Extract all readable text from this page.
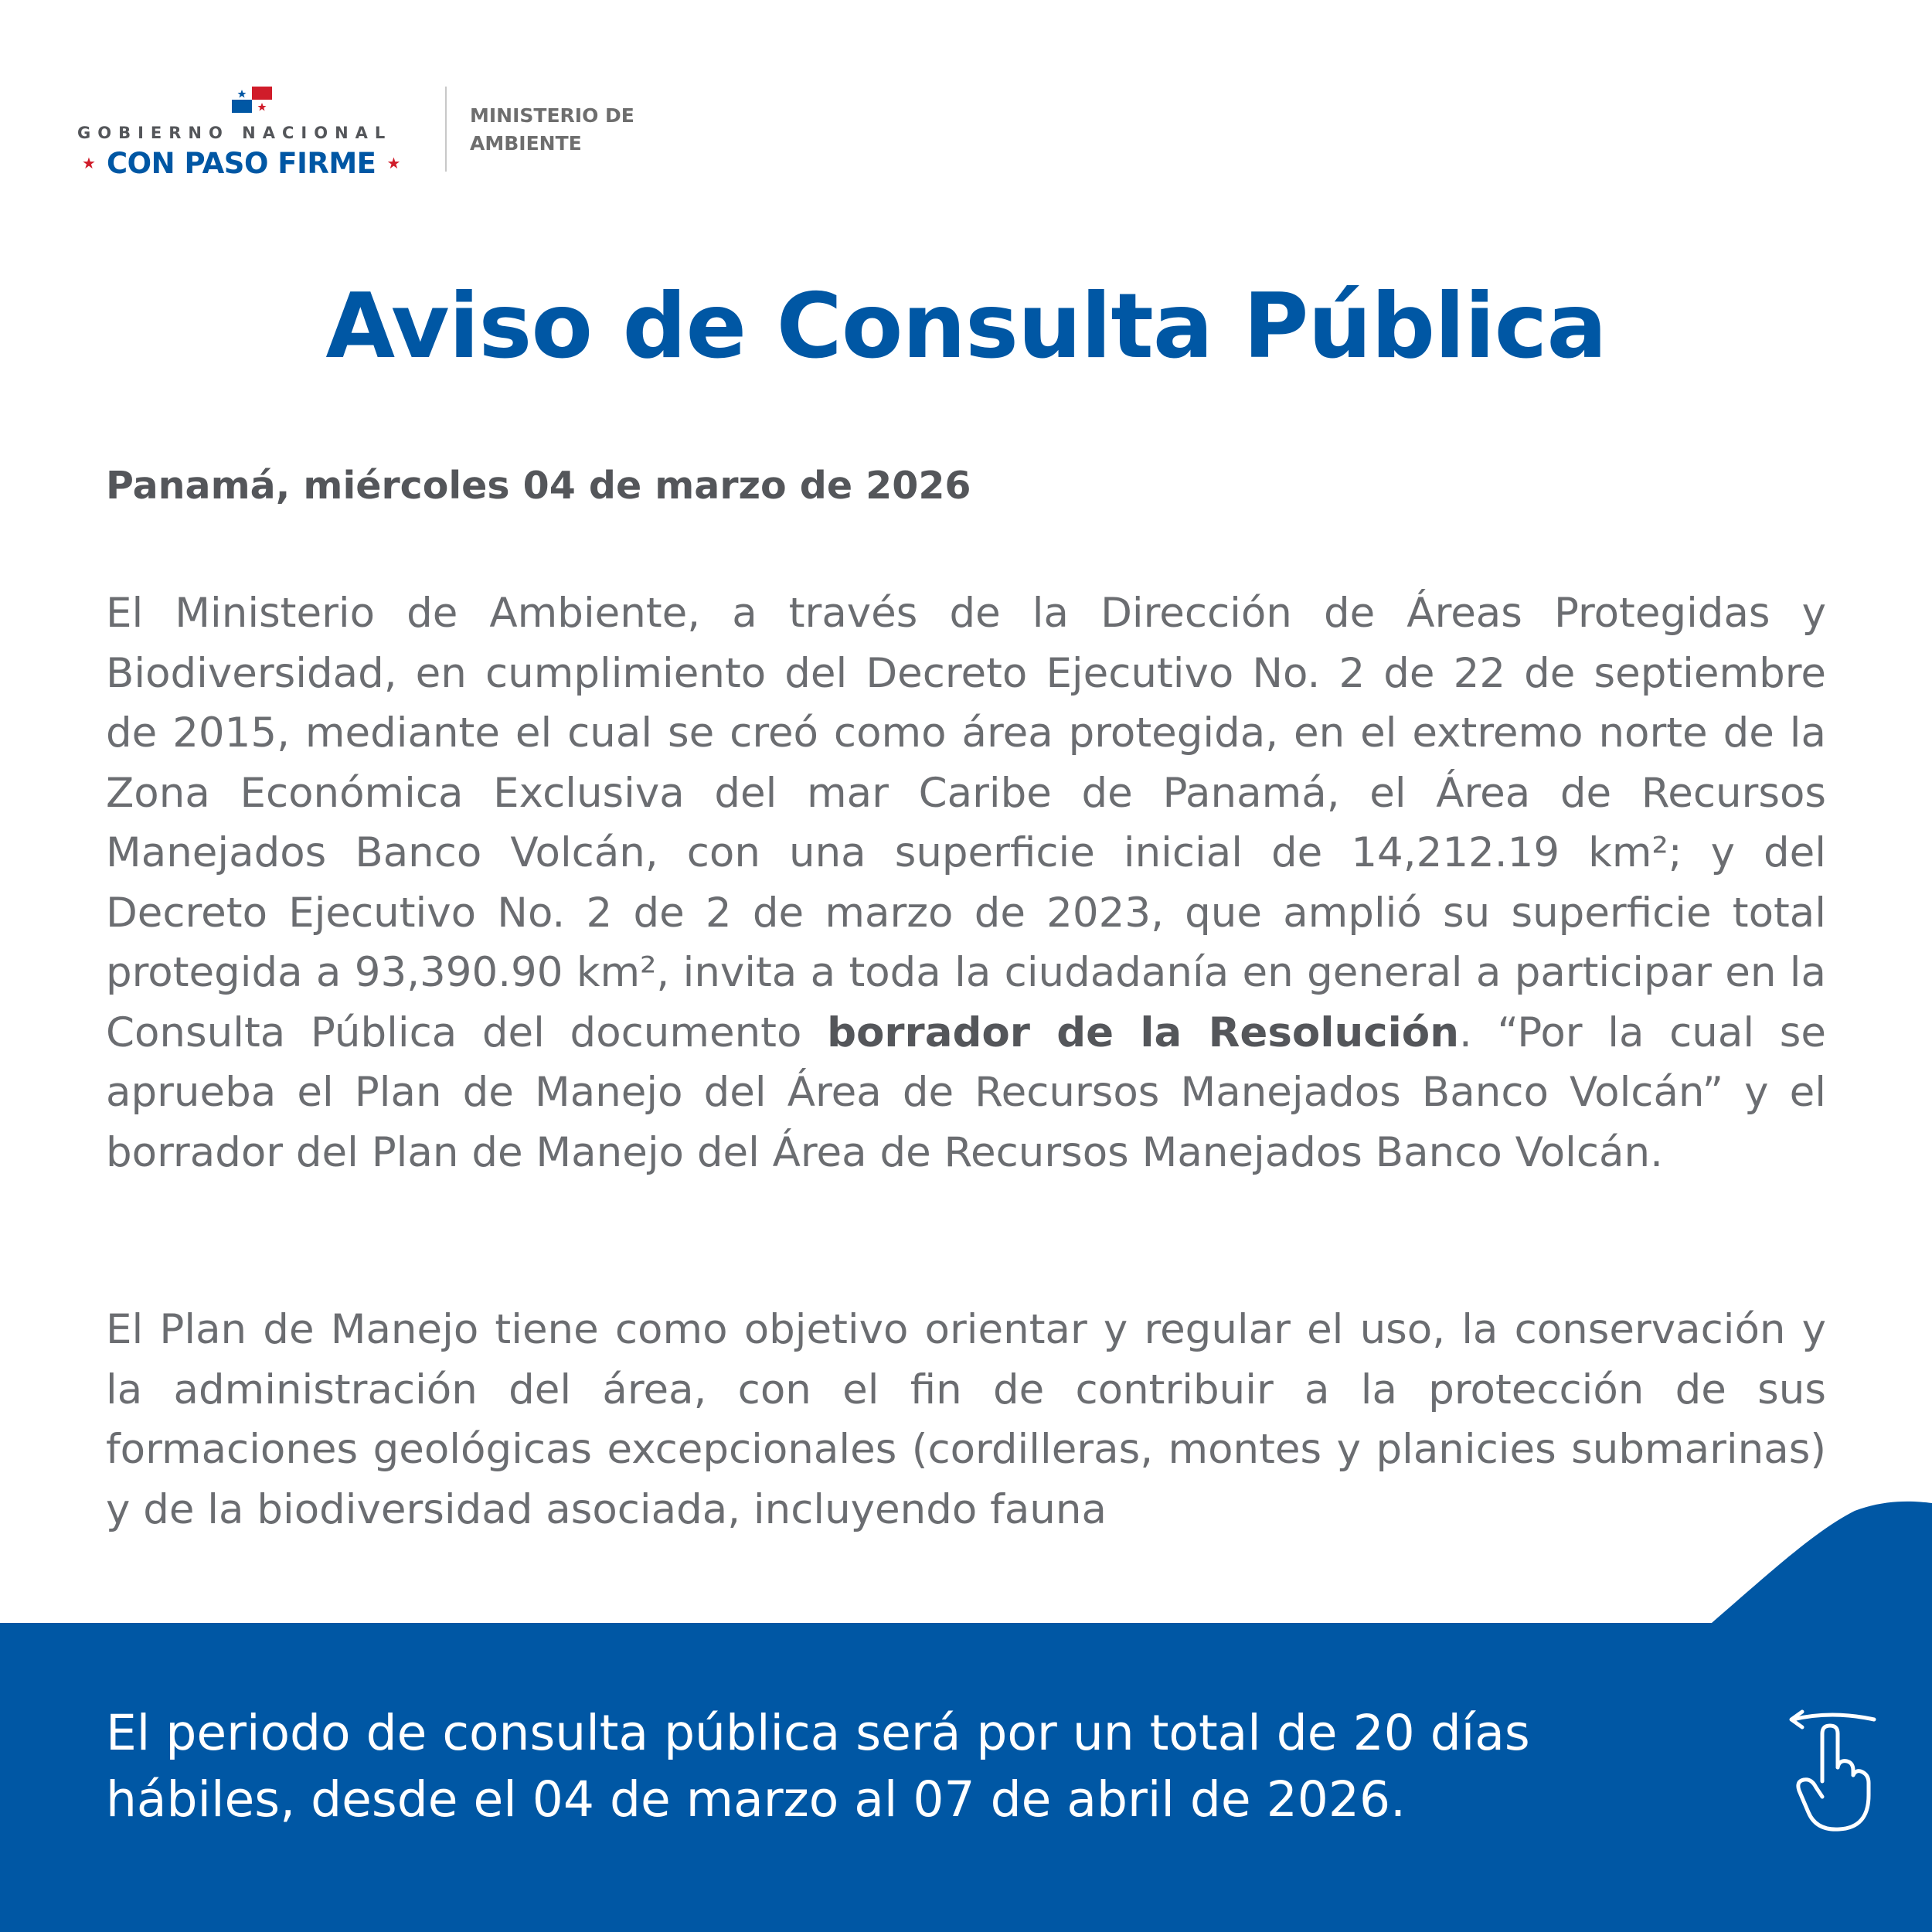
GOBIERNO NACIONAL
★ CON PASO FIRME ★
MINISTERIO DE
AMBIENTE
Aviso de Consulta Pública

Panamá, miércoles 04 de marzo de 2026

El Ministerio de Ambiente, a través de la Dirección de Áreas Protegidas y Biodiversidad, en cumplimiento del Decreto Ejecutivo No. 2 de 22 de septiembre de 2015, mediante el cual se creó como área protegida, en el extremo norte de la Zona Económica Exclusiva del mar Caribe de Panamá, el Área de Recursos Manejados Banco Volcán, con una superficie inicial de 14,212.19 km²; y del Decreto Ejecutivo No. 2 de 2 de marzo de 2023, que amplió su superficie total protegida a 93,390.90 km², invita a toda la ciudadanía en general a participar en la Consulta Pública del documento borrador de la Resolución. “Por la cual se aprueba el Plan de Manejo del Área de Recursos Manejados Banco Volcán” y el borrador del Plan de Manejo del Área de Recursos Manejados Banco Volcán.

El Plan de Manejo tiene como objetivo orientar y regular el uso, la conservación y la administración del área, con el fin de contribuir a la protección de sus formaciones geológicas excepcionales (cordilleras, montes y planicies submarinas) y de la biodiversidad asociada, incluyendo fauna

El periodo de consulta pública será por un total de 20 días
hábiles, desde el 04 de marzo al 07 de abril de 2026.
